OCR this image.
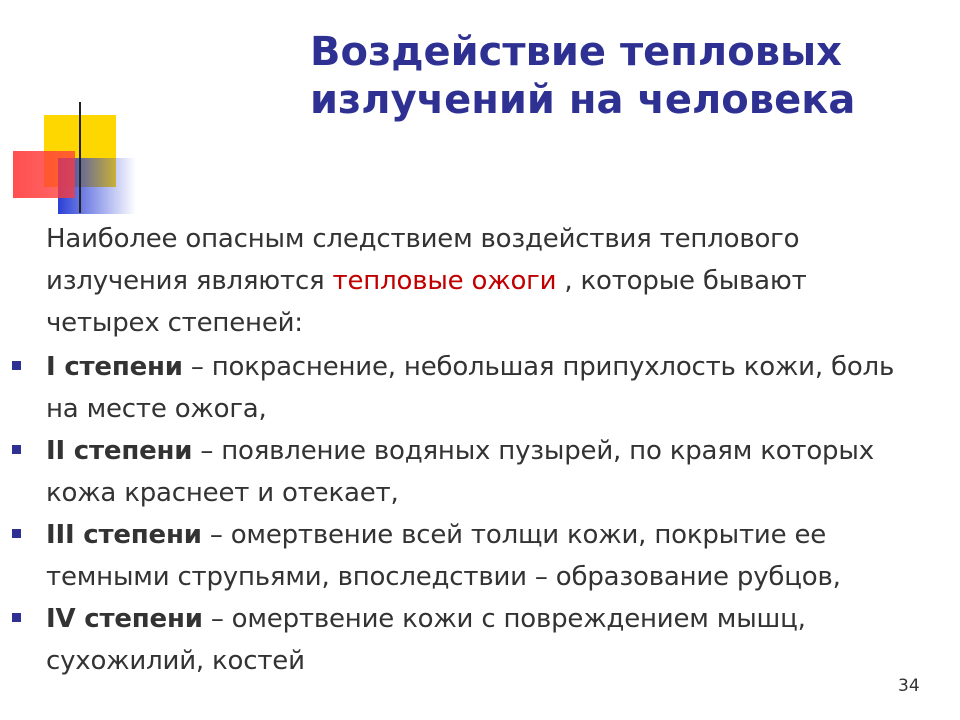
Воздействие тепловых
излучений на человека

Наиболее опасным следствием воздействия теплового излучения являются тепловые ожоги , которые бывают четырех степеней:

I степени – покраснение, небольшая припухлость кожи, боль на месте ожога,
II степени – появление водяных пузырей, по краям которых кожа краснеет и отекает,
III степени – омертвение всей толщи кожи, покрытие ее темными струпьями, впоследствии – образование рубцов,
IV степени – омертвение кожи с повреждением мышц, сухожилий, костей
34
